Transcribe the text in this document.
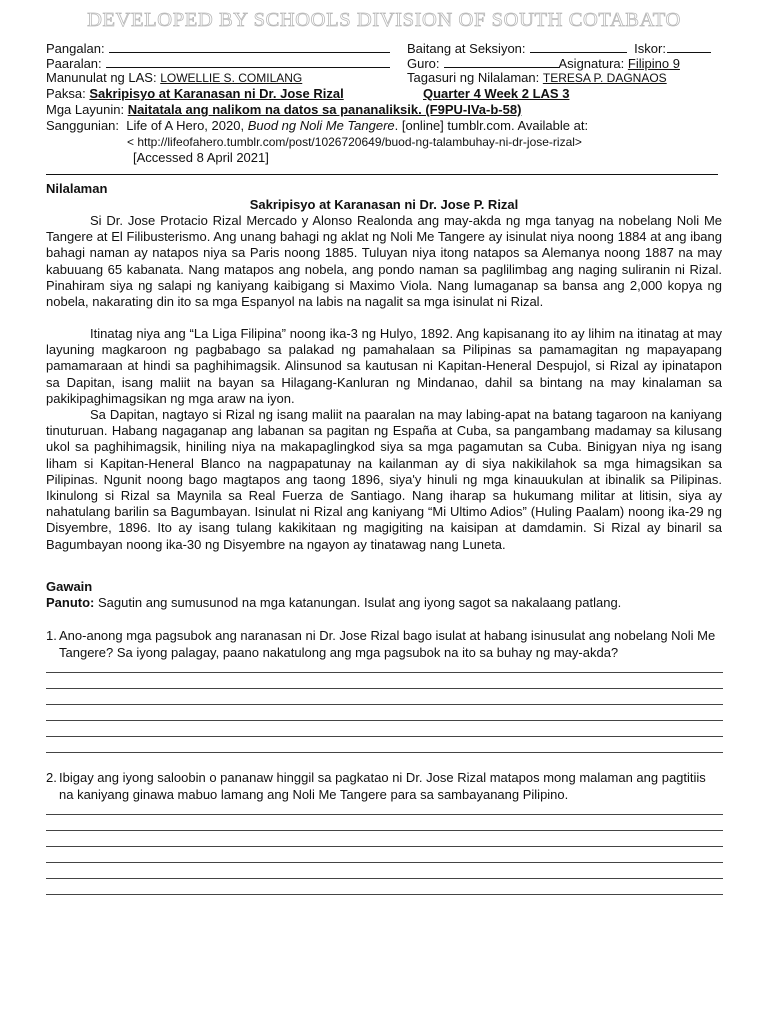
DEVELOPED BY SCHOOLS DIVISION OF SOUTH COTABATO
Pangalan:	Baitang at Seksiyon:	Iskor:
Paaralan:	Guro:	Asignatura: Filipino 9
Manunulat ng LAS: LOWELLIE S. COMILANG	Tagasuri ng Nilalaman: TERESA P. DAGNAOS
Paksa: Sakripisyo at Karanasan ni Dr. Jose Rizal	Quarter 4 Week 2 LAS 3
Mga Layunin: Naitatala ang nalikom na datos sa pananaliksik. (F9PU-IVa-b-58)
Sanggunian: Life of A Hero, 2020, Buod ng Noli Me Tangere. [online] tumblr.com. Available at:
< http://lifeofahero.tumblr.com/post/102672064​9/buod-ng-talambuhay-ni-dr-jose-rizal>
[Accessed 8 April 2021]
Nilalaman
Sakripisyo at Karanasan ni Dr. Jose P. Rizal

Si Dr. Jose Protacio Rizal Mercado y Alonso Realonda ang may-akda ng mga tanyag na nobelang Noli Me Tangere at El Filibusterismo. Ang unang bahagi ng aklat ng Noli Me Tangere ay isinulat niya noong 1884 at ang ibang bahagi naman ay natapos niya sa Paris noong 1885. Tuluyan niya itong natapos sa Alemanya noong 1887 na may kabuuang 65 kabanata. Nang matapos ang nobela, ang pondo naman sa paglilimbag ang naging suliranin ni Rizal. Pinahiram siya ng salapi ng kaniyang kaibigang si Maximo Viola. Nang lumaganap sa bansa ang 2,000 kopya ng nobela, nakarating din ito sa mga Espanyol na labis na nagalit sa mga isinulat ni Rizal.

Itinatag niya ang “La Liga Filipina” noong ika-3 ng Hulyo, 1892. Ang kapisanang ito ay lihim na itinatag at may layuning magkaroon ng pagbabago sa palakad ng pamahalaan sa Pilipinas sa pamamagitan ng mapayapang pamamaraan at hindi sa paghihimagsik. Alinsunod sa kautusan ni Kapitan-Heneral Despujol, si Rizal ay ipinatapon sa Dapitan, isang maliit na bayan sa Hilagang-Kanluran ng Mindanao, dahil sa bintang na may kinalaman sa pakikipaghimagsikan ng mga araw na iyon.

Sa Dapitan, nagtayo si Rizal ng isang maliit na paaralan na may labing-apat na batang tagaroon na kaniyang tinuturuan. Habang nagaganap ang labanan sa pagitan ng España at Cuba, sa pangambang madamay sa kilusang ukol sa paghihimagsik, hiniling niya na makapaglingkod siya sa mga pagamutan sa Cuba. Binigyan niya ng isang liham si Kapitan-Heneral Blanco na nagpapatunay na kailanman ay di siya nakikilahok sa mga himagsikan sa Pilipinas. Ngunit noong bago magtapos ang taong 1896, siya'y hinuli ng mga kinauukulan at ibinalik sa Pilipinas. Ikinulong si Rizal sa Maynila sa Real Fuerza de Santiago. Nang iharap sa hukumang militar at litisin, siya ay nahatulang barilin sa Bagumbayan. Isinulat ni Rizal ang kaniyang “Mi Ultimo Adios” (Huling Paalam) noong ika-29 ng Disyembre, 1896. Ito ay isang tulang kakikitaan ng magigiting na kaisipan at damdamin. Si Rizal ay binaril sa Bagumbayan noong ika-30 ng Disyembre na ngayon ay tinatawag nang Luneta.

Gawain
Panuto: Sagutin ang sumusunod na mga katanungan. Isulat ang iyong sagot sa nakalaang patlang.
1. Ano-anong mga pagsubok ang naranasan ni Dr. Jose Rizal bago isulat at habang isinusulat ang nobelang Noli Me Tangere? Sa iyong palagay, paano nakatulong ang mga pagsubok na ito sa buhay ng may-akda?
2. Ibigay ang iyong saloobin o pananaw hinggil sa pagkatao ni Dr. Jose Rizal matapos mong malaman ang pagtitiis na kaniyang ginawa mabuo lamang ang Noli Me Tangere para sa sambayanang Pilipino.
